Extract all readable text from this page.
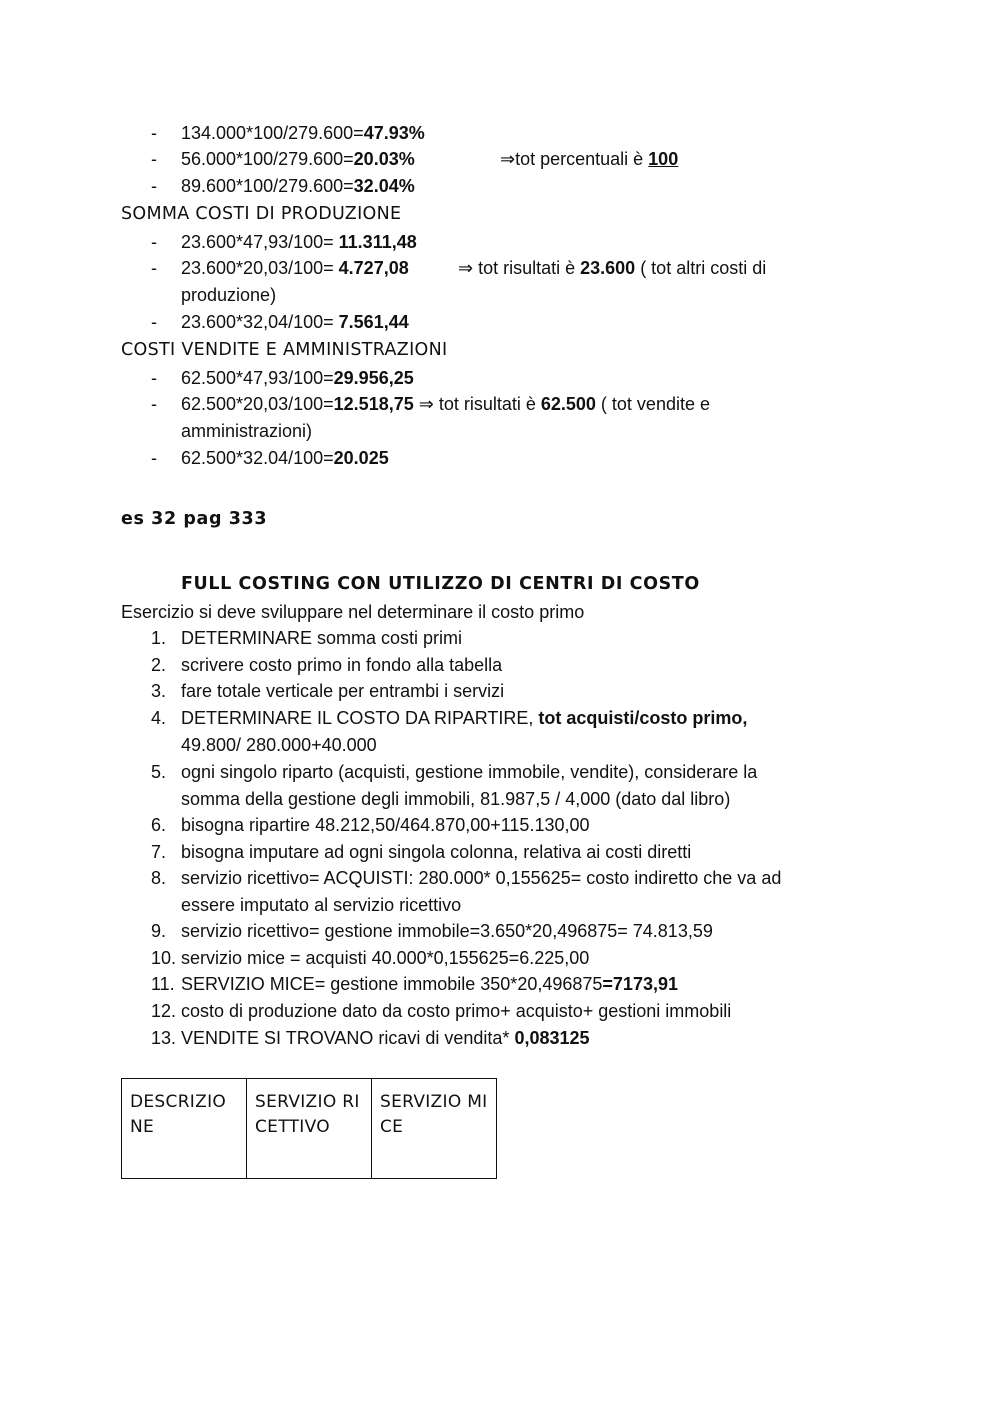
- 134.000*100/279.600=47.93%
- 56.000*100/279.600=20.03%	⇒tot percentuali è 100
- 89.600*100/279.600=32.04%
SOMMA COSTI DI PRODUZIONE
- 23.600*47,93/100= 11.311,48
- 23.600*20,03/100= 4.727,08	⇒ tot risultati è 23.600 ( tot altri costi di
produzione)
- 23.600*32,04/100= 7.561,44
COSTI VENDITE E AMMINISTRAZIONI
- 62.500*47,93/100=29.956,25
- 62.500*20,03/100=12.518,75 ⇒ tot risultati è 62.500 ( tot vendite e
amministrazioni)
- 62.500*32.04/100=20.025
es 32 pag 333
FULL COSTING CON UTILIZZO DI CENTRI DI COSTO
Esercizio si deve sviluppare nel determinare il costo primo
1. DETERMINARE somma costi primi
2. scrivere costo primo in fondo alla tabella
3. fare totale verticale per entrambi i servizi
4. DETERMINARE IL COSTO DA RIPARTIRE, tot acquisti/costo primo,
49.800/ 280.000+40.000
5. ogni singolo riparto (acquisti, gestione immobile, vendite), considerare la
somma della gestione degli immobili, 81.987,5 / 4,000 (dato dal libro)
6. bisogna ripartire 48.212,50/464.870,00+115.130,00
7. bisogna imputare ad ogni singola colonna, relativa ai costi diretti
8. servizio ricettivo= ACQUISTI: 280.000* 0,155625= costo indiretto che va ad
essere imputato al servizio ricettivo
9. servizio ricettivo= gestione immobile=3.650*20,496875= 74.813,59
10. servizio mice = acquisti 40.000*0,155625=6.225,00
11. SERVIZIO MICE= gestione immobile 350*20,496875=7173,91
12. costo di produzione dato da costo primo+ acquisto+ gestioni immobili
13. VENDITE SI TROVANO ricavi di vendita* 0,083125
DESCRIZIONE	SERVIZIO RICETTIVO	SERVIZIO MICE
